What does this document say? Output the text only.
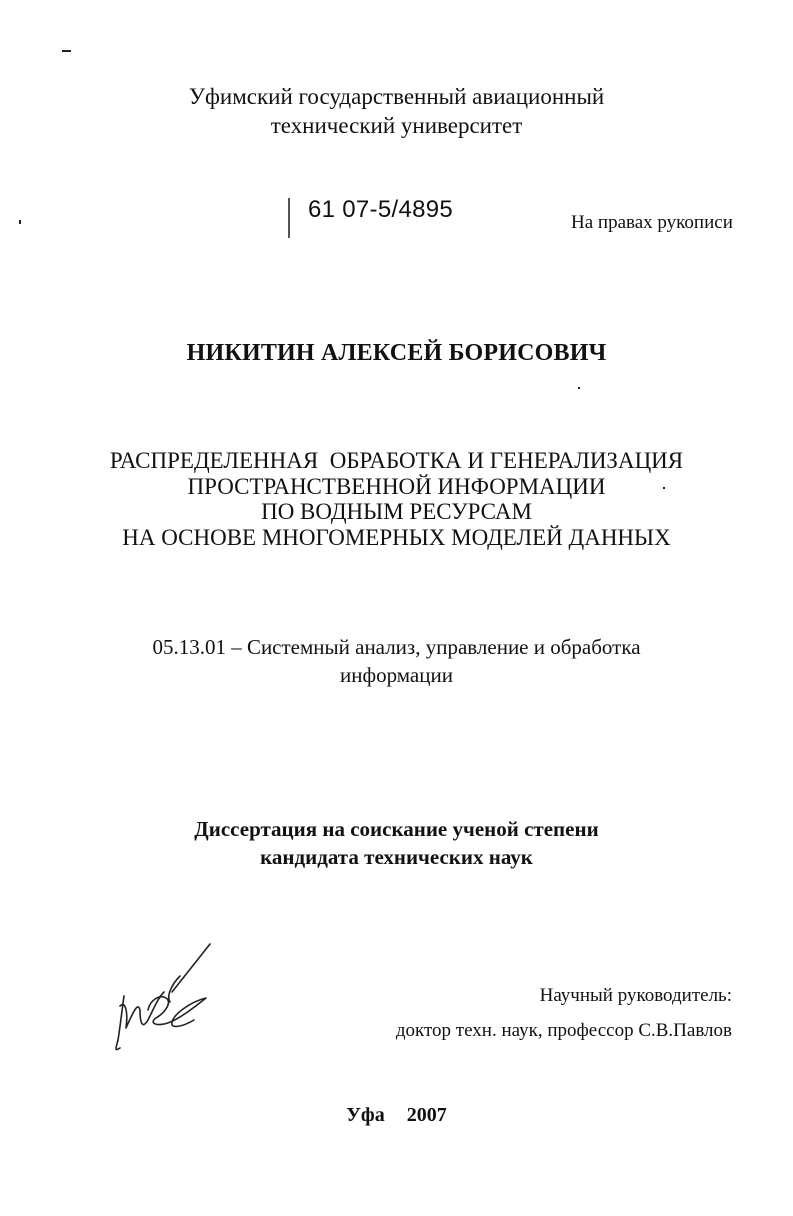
Уфимский государственный авиационный
технический университет
61 07-5/4895	На правах рукописи
НИКИТИН АЛЕКСЕЙ БОРИСОВИЧ
РАСПРЕДЕЛЕННАЯ  ОБРАБОТКА И ГЕНЕРАЛИЗАЦИЯ
ПРОСТРАНСТВЕННОЙ ИНФОРМАЦИИ
ПО ВОДНЫМ РЕСУРСАМ
НА ОСНОВЕ МНОГОМЕРНЫХ МОДЕЛЕЙ ДАННЫХ
05.13.01 – Системный анализ, управление и обработка
информации
Диссертация на соискание ученой степени
кандидата технических наук
Научный руководитель:
доктор техн. наук, профессор С.В.Павлов
Уфа  2007
